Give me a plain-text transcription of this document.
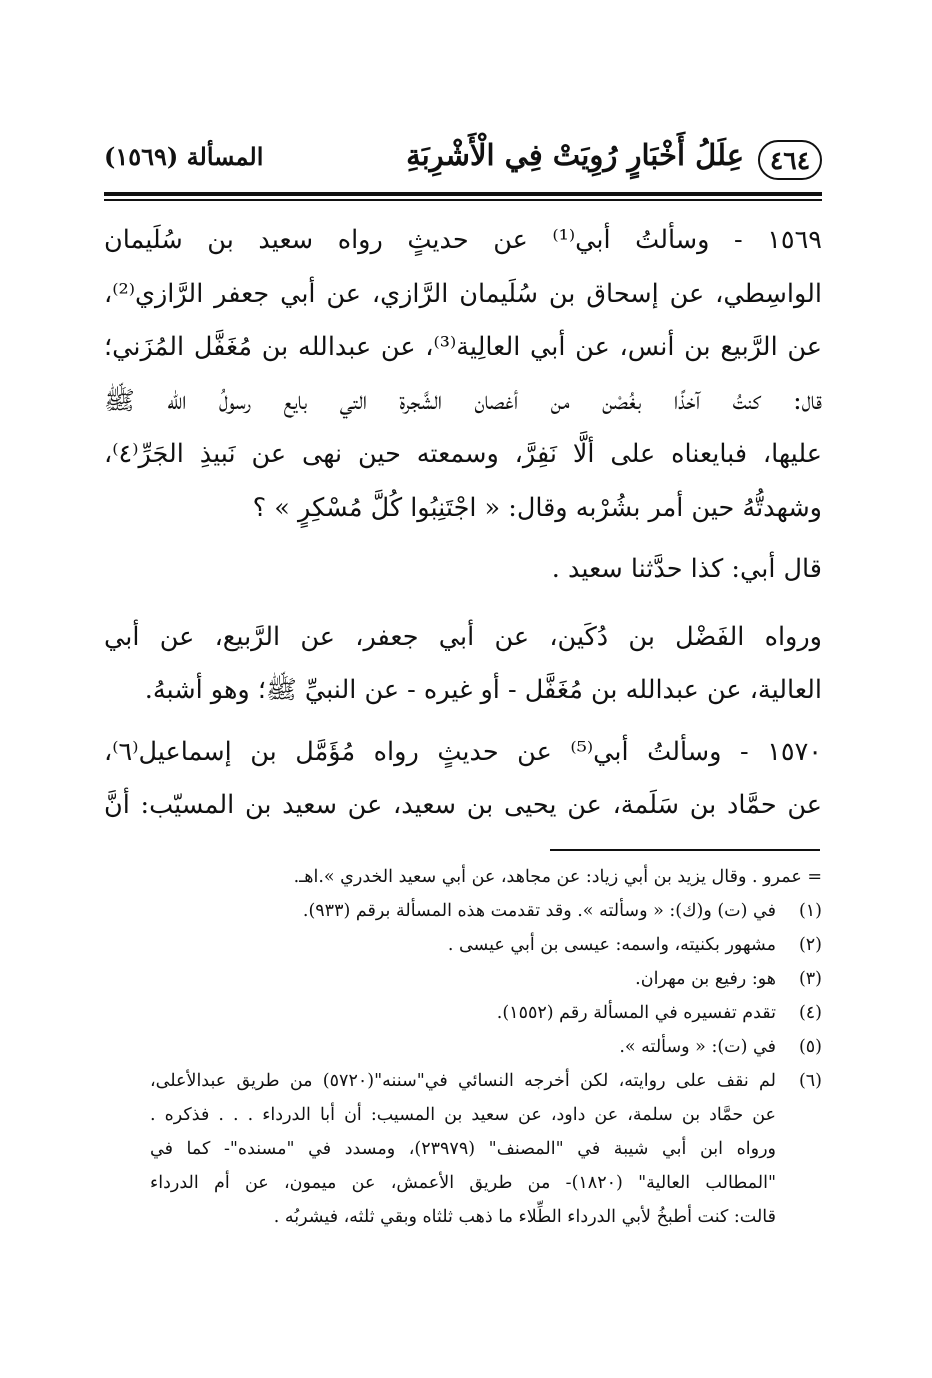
٤٦٤
عِلَلُ أَخْبَارٍ رُوِيَتْ فِي الْأَشْرِبَةِ
المسألة (١٥٦٩)
١٥٦٩ - وسألتُ أبي⁽¹⁾ عن حديثٍ رواه سعيد بن سُلَيمان
الواسِطي، عن إسحاق بن سُلَيمان الرَّازي، عن أبي جعفر الرَّازي⁽²⁾،
عن الرَّبيع بن أنس، عن أبي العالِية⁽³⁾، عن عبدالله بن مُغَفَّل المُزَني؛
قال: كنتُ آخذًا بغُصْن من أغصان الشَّجرة التي بايع رسولُ الله ﷺ
عليها، فبايعناه على ألَّا نَفِرَّ، وسمعته حين نهى عن نَبيذِ الجَرِّ⁽٤⁾،
وشهدتُّهُ حين أمر بشُرْبه وقال: « اجْتَنِبُوا كُلَّ مُسْكِرٍ » ؟
قال أبي: كذا حدَّثنا سعيد .
ورواه الفَضْل بن دُكَين، عن أبي جعفر، عن الرَّبيع، عن أبي
العالية، عن عبدالله بن مُغَفَّل - أو غيره - عن النبيِّ ﷺ؛ وهو أشبهُ.
١٥٧٠ - وسألتُ أبي⁽⁵⁾ عن حديثٍ رواه مُؤَمَّل بن إسماعيل⁽٦⁾،
عن حمَّاد بن سَلَمة، عن يحيى بن سعيد، عن سعيد بن المسيّب: أنَّ
= عمرو . وقال يزيد بن أبي زياد: عن مجاهد، عن أبي سعيد الخدري ».اهـ.
(١)
في (ت) و(ك): « وسألته ». وقد تقدمت هذه المسألة برقم (٩٣٣).
(٢)
مشهور بكنيته، واسمه: عيسى بن أبي عيسى .
(٣)
هو: رفيع بن مهران.
(٤)
تقدم تفسيره في المسألة رقم (١٥٥٢).
(٥)
في (ت): « وسألته ».
(٦)
لم نقف على روايته، لكن أخرجه النسائي في"سننه"(٥٧٢٠) من طريق عبدالأعلى،
عن حمَّاد بن سلمة، عن داود، عن سعيد بن المسيب: أن أبا الدرداء . . . فذكره .
ورواه ابن أبي شيبة في "المصنف" (٢٣٩٧٩)، ومسدد في "مسنده"- كما في
"المطالب العالية" (١٨٢٠)- من طريق الأعمش، عن ميمون، عن أم الدرداء
قالت: كنت أطبخُ لأبي الدرداء الطِّلاء ما ذهب ثلثاه وبقي ثلثه، فيشربُه .
